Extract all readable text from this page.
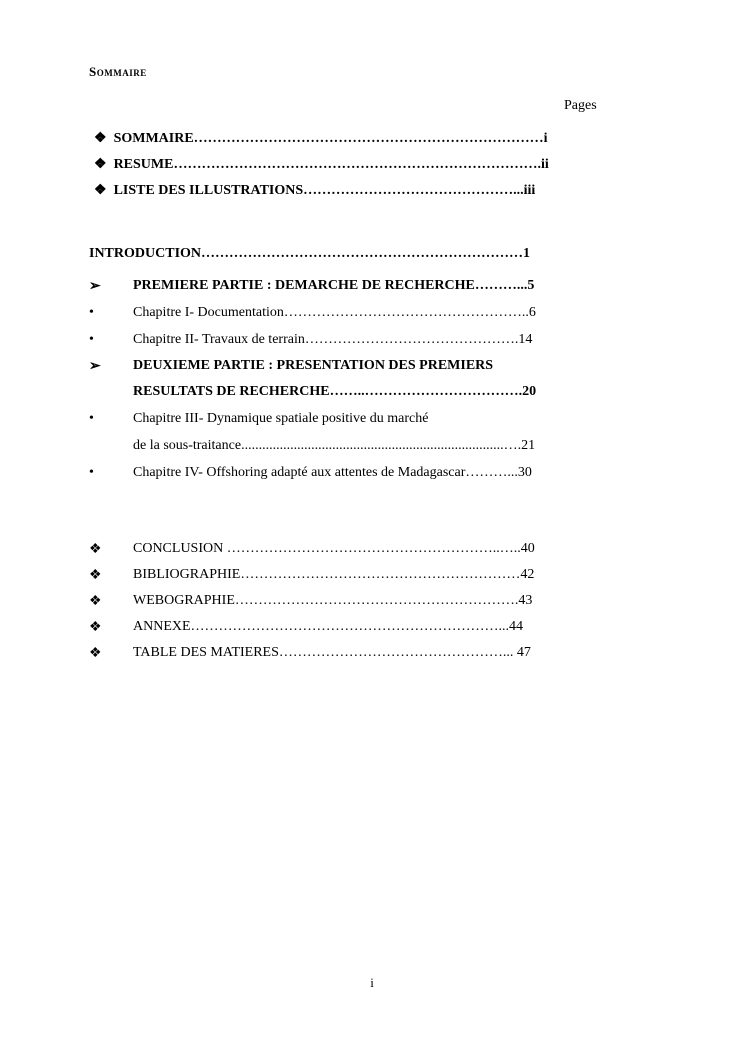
Sommaire
Pages
❖ SOMMAIRE…………………………………………………………………i
❖ RESUME…………………………………………………………………….ii
❖ LISTE DES ILLUSTRATIONS………………………………………...iii
INTRODUCTION……………………………………………………………1
➢ PREMIERE PARTIE : DEMARCHE DE RECHERCHE………...5
•	Chapitre I- Documentation……………………………………………..6
•	Chapitre II- Travaux de terrain……………………………………….14
➢ DEUXIEME PARTIE : PRESENTATION DES PREMIERS
RESULTATS DE RECHERCHE……..…………………………….20
•	Chapitre III- Dynamique spatiale positive du marché
de la sous-traitance...........................................................................….21
•	Chapitre IV- Offshoring adapté aux attentes de Madagascar………...30
❖ CONCLUSION …………………………………………………..…..40
❖ BIBLIOGRAPHIE……………………………………………………42
❖ WEBOGRAPHIE…………………………………………………….43
❖ ANNEXE…………………………………………………………...44
❖ TABLE DES MATIERES…………………………………………... 47
i
